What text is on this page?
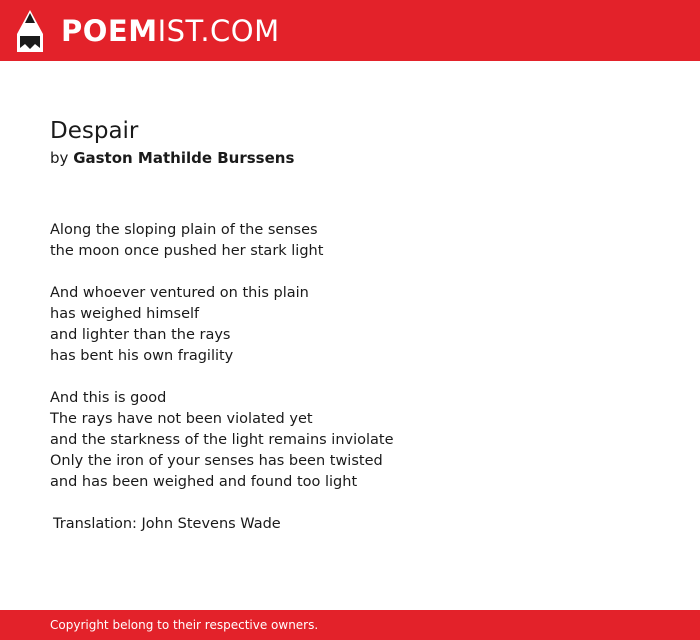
POEMIST.COM
Despair
by Gaston Mathilde Burssens
Along the sloping plain of the senses
the moon once pushed her stark light
And whoever ventured on this plain
has weighed himself
and lighter than the rays
has bent his own fragility
And this is good
The rays have not been violated yet
and the starkness of the light remains inviolate
Only the iron of your senses has been twisted
and has been weighed and found too light
Translation: John Stevens Wade
Copyright belong to their respective owners.
